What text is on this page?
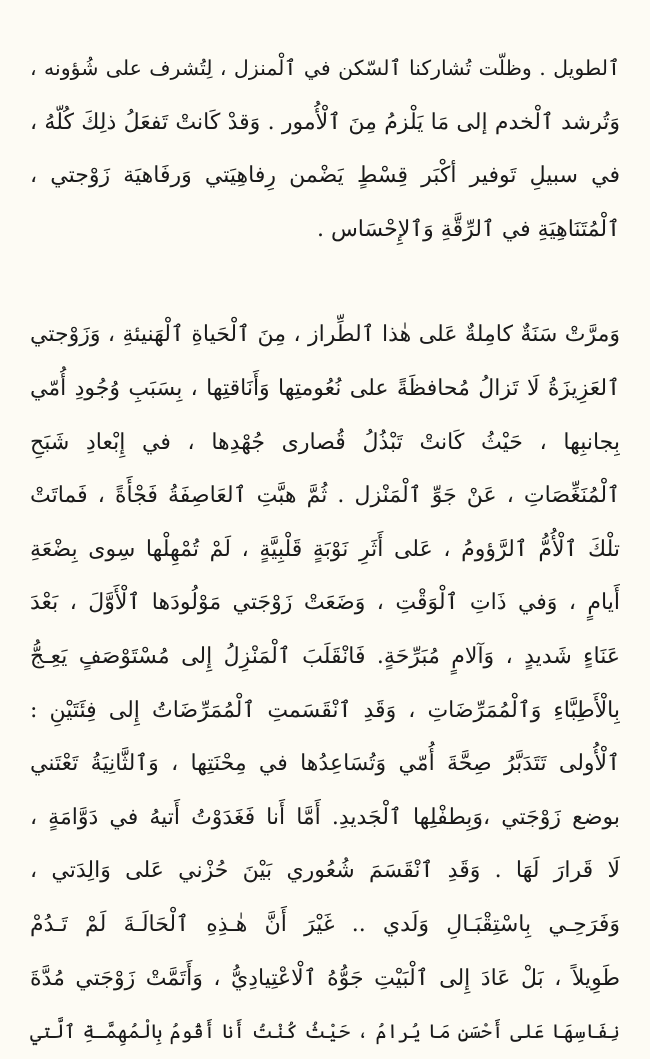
ٱلطويل . وظلّت تُشاركنا ٱلسّكن في ٱلْمنزل ، لِتُشرف على شُؤونه ،
وَتُرشد ٱلْخدم إلى مَا يَلْزمُ مِنَ ٱلْأُمور . وَقدْ كَانتْ تَفعَلُ ذلِكَ كُلّهُ ،
في سبيلِ تَوفير أكْبَر قِسْطٍ يَضْمن رِفاهِيَتي وَرفَاهيَة زَوْجتي ،
ٱلْمُتَنَاهِيَةِ في ٱلرِّقَّةِ وَٱلإِحْسَاس .
وَمرَّتْ سَنَةٌ كامِلةٌ عَلى هٰذا ٱلطِّراز ، مِنَ ٱلْحَياةِ ٱلْهَنيئةِ ، وَزَوْجتي
ٱلعَزِيزَةُ لَا تَزالُ مُحافظَةً على نُعُومتِها وَأَنَاقتِها ، بِسَبَبِ وُجُودِ أُمّي
بِجانبِها ، حَيْثُ كَانتْ تَبْذُلُ قُصارى جُهْدِها ، في إِبْعادِ شَبَحِ
ٱلْمُنَغِّصَاتِ ، عَنْ جَوِّ ٱلْمَنْزل . ثُمَّ هبَّتِ ٱلعَاصِفَةُ فَجْأَةً ، فَماتَتْ
تلْكَ ٱلْأُمُّ ٱلرَّؤومُ ، عَلى أَثَرِ نَوْبَةٍ قَلْبِيَّةٍ ، لَمْ تُمْهِلْها سِوى بِضْعَةِ
أَيامٍ ، وَفي ذَاتِ ٱلْوَقْتِ ، وَضَعَتْ زَوْجَتي مَوْلُودَها ٱلْأَوَّلَ ، بَعْدَ
عَنَاءٍ شَديدٍ ، وَآلامٍ مُبَرِّحَةٍ. فَانْقَلَبَ ٱلْمَنْزِلُ إِلى مُسْتَوْصَفٍ يَعِـجُّ
بِالْأَطِبَّاءِ وَٱلْمُمَرِّضَاتِ ، وَقَدِ ٱنْقَسَمتِ ٱلْمُمَرِّضَاتُ إِلى فِئَتَيْنِ :
ٱلْأُولى تَتَدَبَّرُ صِحَّةَ أُمّي وَتُسَاعِدُها في مِحْنَتِها ، وَٱلثَّانِيَةُ تَعْتَني
بوضع زَوْجَتي ،وَبِطفْلِها ٱلْجَديدِ. أَمَّا أَنا فَغَدَوْتُ أَتيهُ في دَوَّامَةٍ ،
لَا قَرارَ لَهَا . وَقَدِ ٱنْقَسَمَ شُعُوري بَيْنَ حُزْني عَلى وَالِدَتي ،
وَفَرَحِـي بِاسْتِقْبَـالِ وَلَدي .. غَيْرَ أَنَّ هٰـذِهِ ٱلْحَالَـةَ لَمْ تَـدُمْ
طَوِيلاً ، بَلْ عَادَ إِلى ٱلْبَيْتِ جَوُّهُ ٱلْاعْتِيادِيُّ ، وَأَتَمَّتْ زَوْجَتي مُدَّةَ
نِفَاسِهَا عَلى أَحْسَنِ مَا يُرامُ ، حَيْثُ كُنْتُ أَنا أَقُومُ بِالْمُهِمَّـةِ ٱلَّتي
